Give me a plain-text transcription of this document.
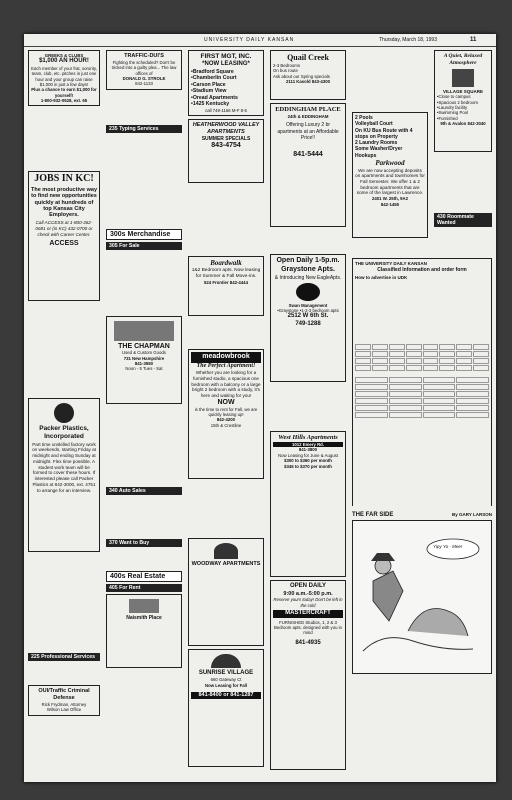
UNIVERSITY DAILY KANSAN	Thursday, March 18, 1993	11
GREEKS & CLUBS
$1,000 AN HOUR!
Each member of your frat, sorority, team, club, etc. pitches in just one hour and your group can raise $1,000 in just a few days!
Plus a chance to earn $1,000 for yourself!
1-800-932-0528, ext. 65
JOBS IN KC!
The most productive way to find new opportunities quickly at hundreds of top Kansas City Employers.
Call ACCESS at 1-800-362-0681 or (in KC) 432-0700 or check with Career Center.
ACCESS
Packer Plastics, Incorporated
Part time unskilled factory work on weekends, starting Friday at midnight and ending Sunday at midnight. Flex time possible. A student work team will be formed to cover these hours. If interested please call Packer Plastics at 842-3000, ext. 4751 to arrange for an interview.
225 Professional Services
OUI/Traffic Criminal Defense
Rick Frydman, Attorney
Wilson Law Office
TRAFFIC-DUI'S
Fighting the scheduled? Don't be tricked into a guilty plea... The law offices of
DONALD G. STROLE
842-1133
235 Typing Services
300s Merchandise
305 For Sale
THE CHAPMAN
Used & Custom Goods
731 New Hampshire
841-3550
Noon - 5 Tues - Sat
340 Auto Sales
370 Want to Buy
400s Real Estate
405 For Rent
Naismith Place
FIRST MGT, INC.
*NOW LEASING*
•Bradford Square
•Chamberlin Court
•Carson Place
•Stadium View
•Oread Apartments
•1425 Kentucky
call 749-1166 M-F 8-5
HEATHERWOOD VALLEY APARTMENTS
SUMMER SPECIALS
843-4754
Boardwalk
1&2 Bedroom apts. Now leasing for Summer & Fall Move-ins.
524 Frontier 842-4444
meadowbrook
The Perfect Apartment!
Whether you are looking for a furnished studio, a spacious one bedroom with a balcony or a large bright 2 bedroom with a study, it's here and waiting for you!
NOW
is the time to rent for Fall, we are quickly leasing up!
842-4200
15th & Crestline
WOODWAY APARTMENTS
SUNRISE VILLAGE
660 Gateway Ct
Now Leasing for Fall
841-8400 or 841-1287
Quail Creek
2-3 Bedrooms
On bus route
Ask about our Spring specials
2111 Kasold 843-4300
EDDINGHAM PLACE
24th & EDDINGHAM
Offering Luxury 2 br apartments at an Affordable Price!!
841-5444
Open Daily 1-5p.m. Graystone Apts.
& Introducing New EagleApts.
Swan Management
•Graystone •1-2-3 bedroom apts
2512 W 6th St.
749-1288
West Hills Apartments
1012 Emery Rd.
841-3800
Now Leasing for June & August
$300 to $360 per month
$345 to $370 per month
OPEN DAILY
9:00 a.m.-5:00 p.m.
Reserve yours today! Don't be left in the cold
MASTERCRAFT
FURNISHED Studios, 1, 2 & 3 Bedroom apts. designed with you in mind
841-4935
2 Pools
Volleyball Court
On KU Bus Route with 4 stops on Property
2 Laundry Rooms
Some Washer/Dryer Hookups
Parkwood
We are now accepting deposits on apartments and townhomes for Fall Semester. We offer 1 & 2 bedroom apartments that are some of the largest in Lawrence.
2401 W. 25th, 9A2
842-1455
THE UNIVERSITY DAILY KANSAN
Classified Information and order form
How to advertise in UDK
THE FAR SIDE	By GARY LARSON
Yipy Yo - Mee!
A Quiet, Relaxed Atmosphere
VILLAGE SQUARE
•Close to campus
•Spacious 2 bedroom
•Laundry facility
•Swimming Pool
•Furnished
9th & Avalon 842-3040
430 Roommate Wanted
